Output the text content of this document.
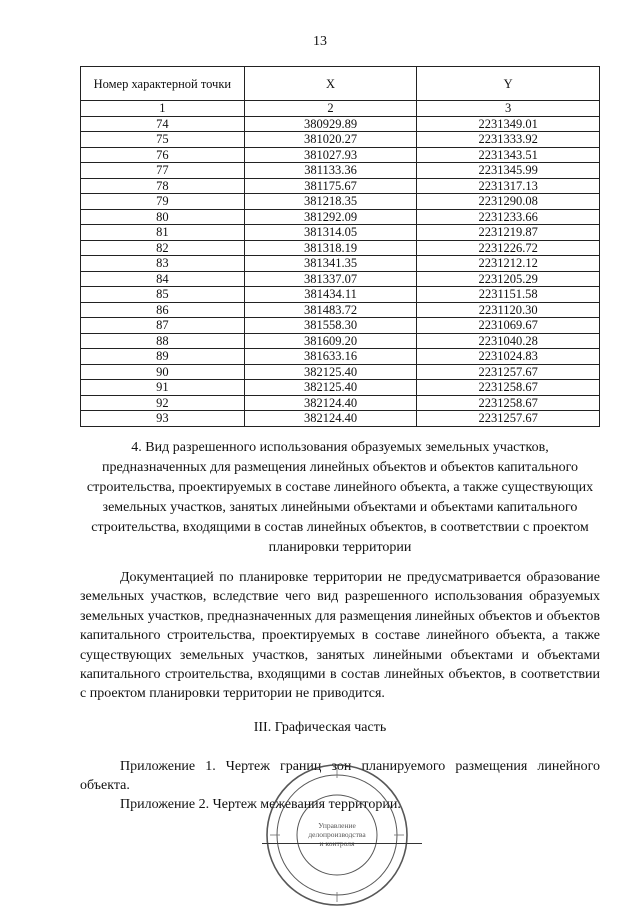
13
Номер характерной точки	X	Y
1	2	3
74	380929.89	2231349.01
75	381020.27	2231333.92
76	381027.93	2231343.51
77	381133.36	2231345.99
78	381175.67	2231317.13
79	381218.35	2231290.08
80	381292.09	2231233.66
81	381314.05	2231219.87
82	381318.19	2231226.72
83	381341.35	2231212.12
84	381337.07	2231205.29
85	381434.11	2231151.58
86	381483.72	2231120.30
87	381558.30	2231069.67
88	381609.20	2231040.28
89	381633.16	2231024.83
90	382125.40	2231257.67
91	382125.40	2231258.67
92	382124.40	2231258.67
93	382124.40	2231257.67
4. Вид разрешенного использования образуемых земельных участков, предназначенных для размещения линейных объектов и объектов капитального строительства, проектируемых в составе линейного объекта, а также существующих земельных участков, занятых линейными объектами и объектами капитального строительства, входящими в состав линейных объектов, в соответствии с проектом планировки территории
Документацией по планировке территории не предусматривается образование земельных участков, вследствие чего вид разрешенного использования образуемых земельных участков, предназначенных для размещения линейных объектов и объектов капитального строительства, проектируемых в составе линейного объекта, а также существующих земельных участков, занятых линейными объектами и объектами капитального строительства, входящими в состав линейных объектов, в соответствии с проектом планировки территории не приводится.
III. Графическая часть
Приложение 1. Чертеж границ зон планируемого размещения линейного объекта.
Приложение 2. Чертеж межевания территории.
Управление
делопроизводства
и контроля
